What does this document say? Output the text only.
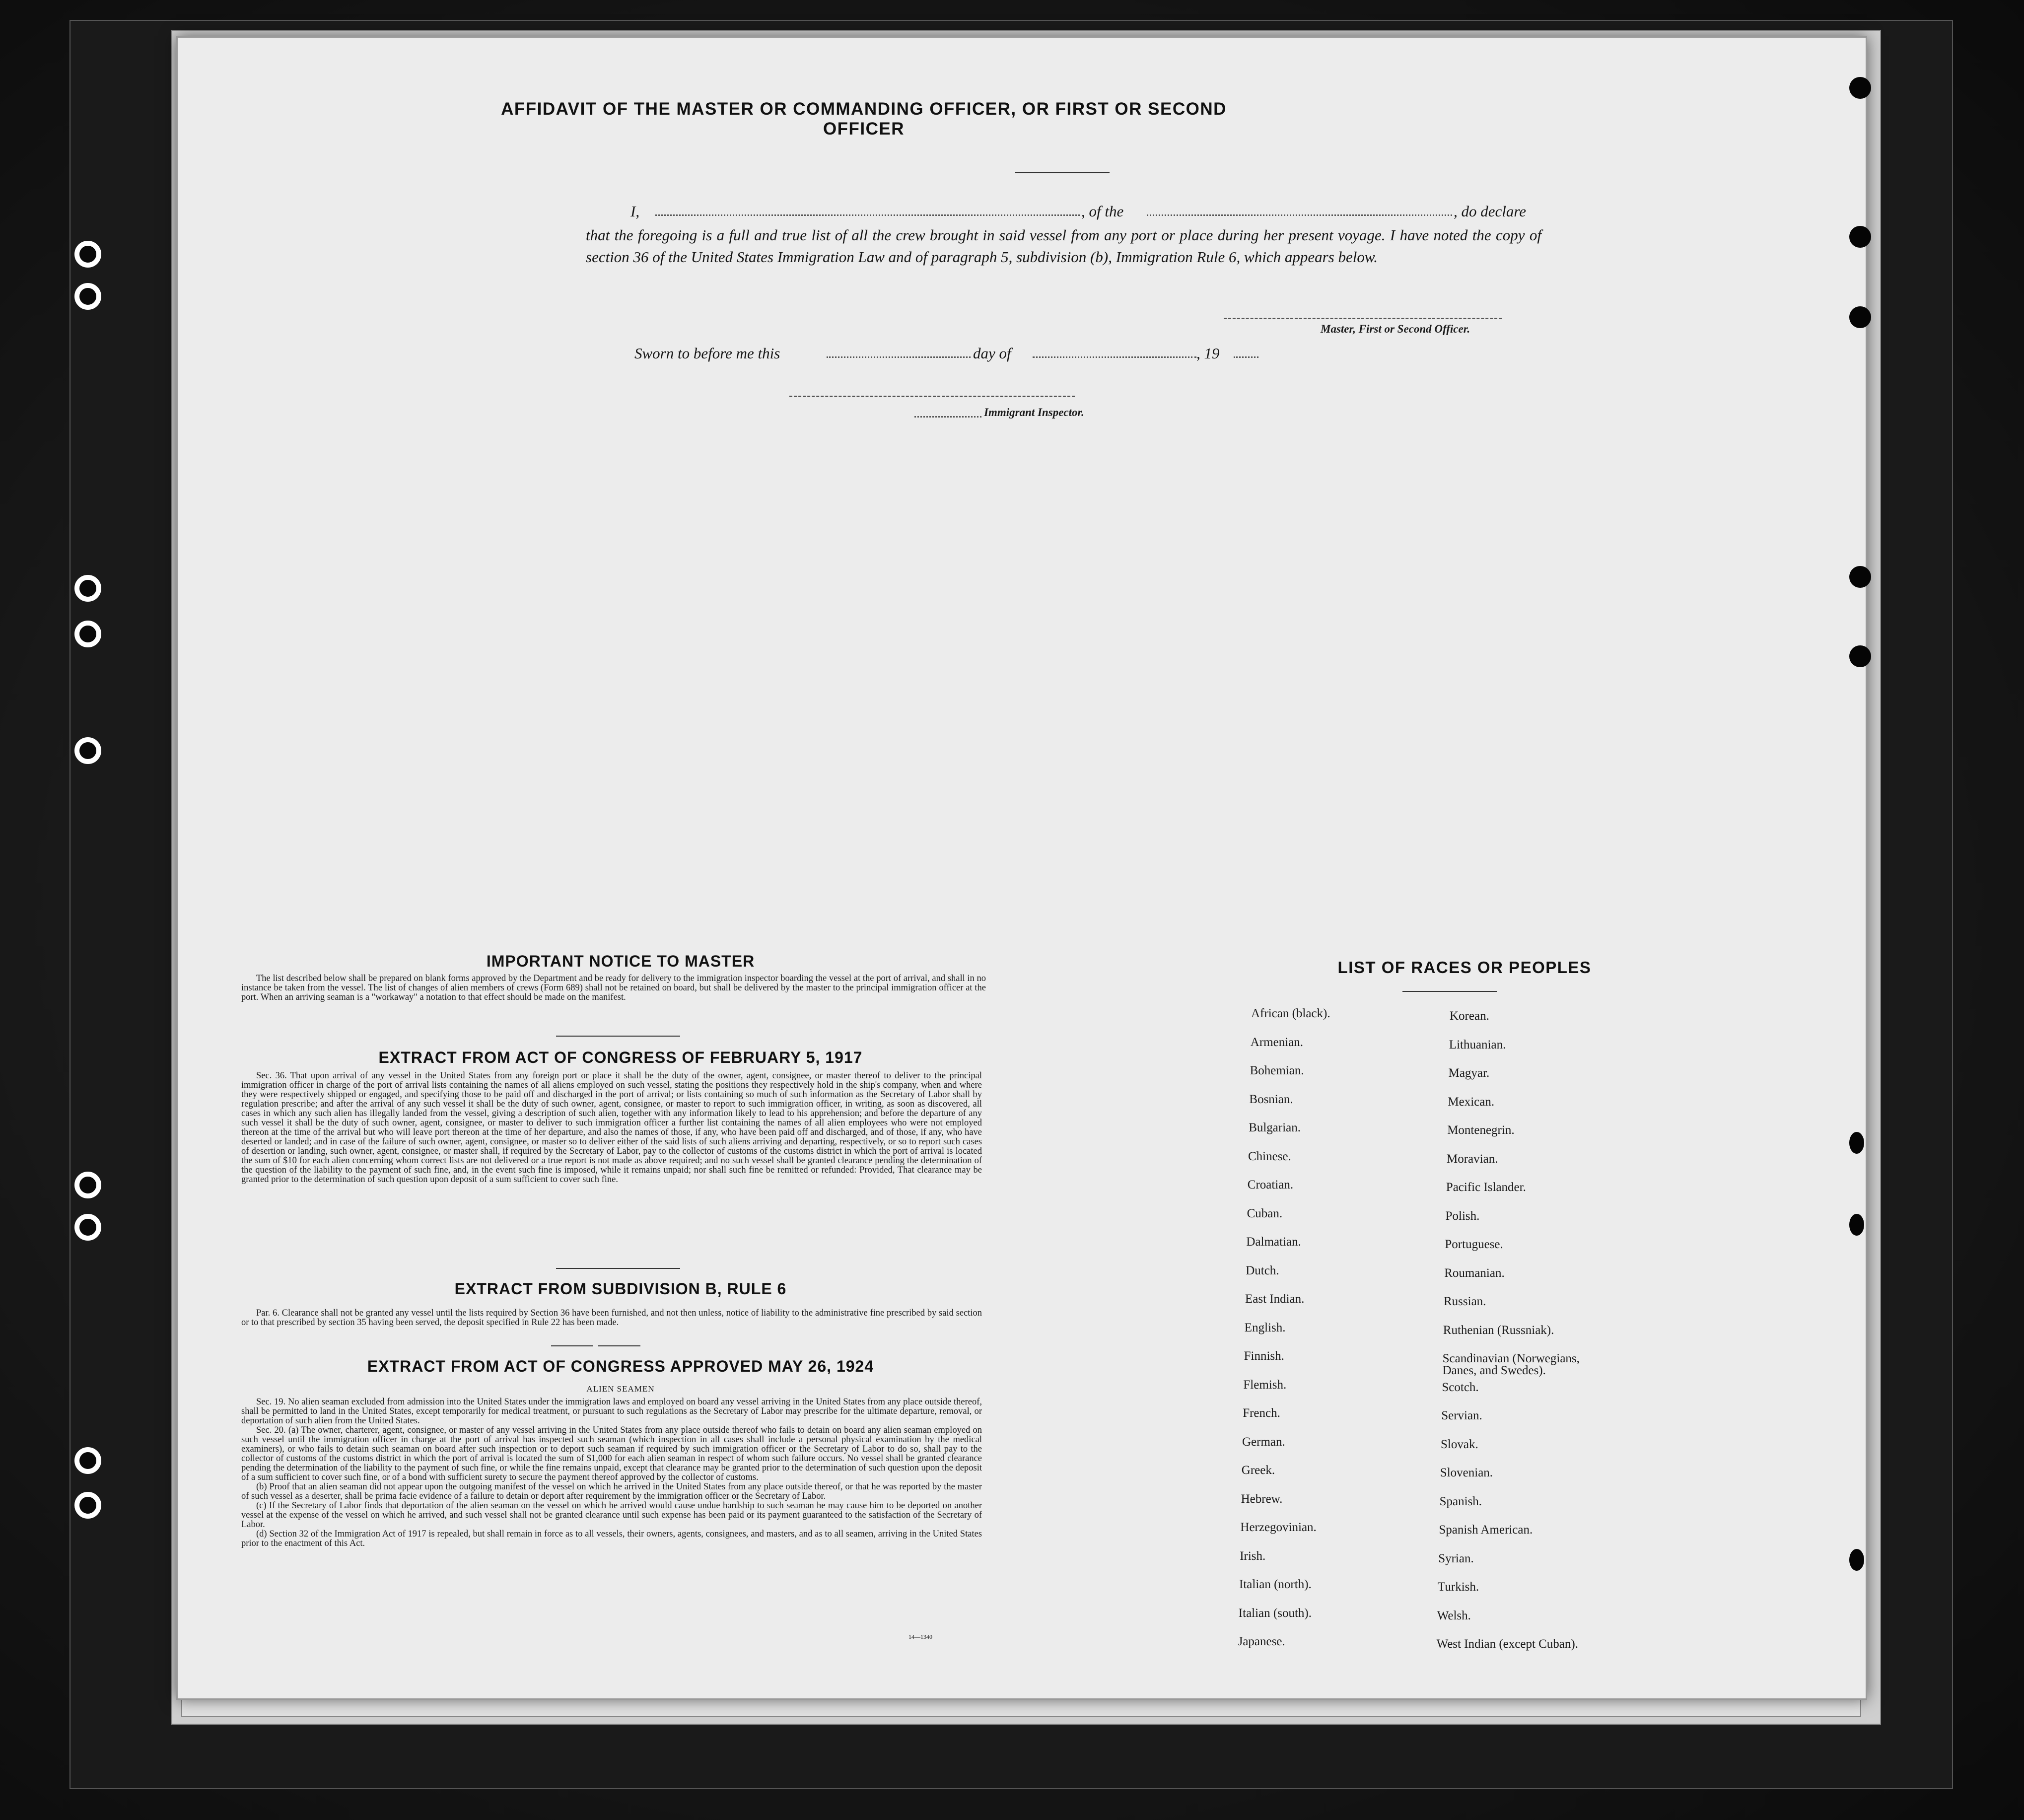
AFFIDAVIT OF THE MASTER OR COMMANDING OFFICER, OR FIRST OR SECOND OFFICER
I,	, of the	, do declare
that the foregoing is a full and true list of all the crew brought in said vessel from any port or place during her present voyage. I have noted the copy of section 36 of the United States Immigration Law and of paragraph 5, subdivision (b), Immigration Rule 6, which appears below.
Master, First or Second Officer.
Sworn to before me this	day of	, 19
Immigrant Inspector.
IMPORTANT NOTICE TO MASTER

The list described below shall be prepared on blank forms approved by the Department and be ready for delivery to the immigration inspector boarding the vessel at the port of arrival, and shall in no instance be taken from the vessel. The list of changes of alien members of crews (Form 689) shall not be retained on board, but shall be delivered by the master to the principal immigration officer at the port. When an arriving seaman is a "workaway" a notation to that effect should be made on the manifest.

EXTRACT FROM ACT OF CONGRESS OF FEBRUARY 5, 1917

Sec. 36. That upon arrival of any vessel in the United States from any foreign port or place it shall be the duty of the owner, agent, consignee, or master thereof to deliver to the principal immigration officer in charge of the port of arrival lists containing the names of all aliens employed on such vessel, stating the positions they respectively hold in the ship's company, when and where they were respectively shipped or engaged, and specifying those to be paid off and discharged in the port of arrival; or lists containing so much of such information as the Secretary of Labor shall by regulation prescribe; and after the arrival of any such vessel it shall be the duty of such owner, agent, consignee, or master to report to such immigration officer, in writing, as soon as discovered, all cases in which any such alien has illegally landed from the vessel, giving a description of such alien, together with any information likely to lead to his apprehension; and before the departure of any such vessel it shall be the duty of such owner, agent, consignee, or master to deliver to such immigration officer a further list containing the names of all alien employees who were not employed thereon at the time of the arrival but who will leave port thereon at the time of her departure, and also the names of those, if any, who have been paid off and discharged, and of those, if any, who have deserted or landed; and in case of the failure of such owner, agent, consignee, or master so to deliver either of the said lists of such aliens arriving and departing, respectively, or so to report such cases of desertion or landing, such owner, agent, consignee, or master shall, if required by the Secretary of Labor, pay to the collector of customs of the customs district in which the port of arrival is located the sum of $10 for each alien concerning whom correct lists are not delivered or a true report is not made as above required; and no such vessel shall be granted clearance pending the determination of the question of the liability to the payment of such fine, and, in the event such fine is imposed, while it remains unpaid; nor shall such fine be remitted or refunded: Provided, That clearance may be granted prior to the determination of such question upon deposit of a sum sufficient to cover such fine.

EXTRACT FROM SUBDIVISION B, RULE 6

Par. 6. Clearance shall not be granted any vessel until the lists required by Section 36 have been furnished, and not then unless, notice of liability to the administrative fine prescribed by said section or to that prescribed by section 35 having been served, the deposit specified in Rule 22 has been made.

EXTRACT FROM ACT OF CONGRESS APPROVED MAY 26, 1924
ALIEN SEAMEN

Sec. 19. No alien seaman excluded from admission into the United States under the immigration laws and employed on board any vessel arriving in the United States from any place outside thereof, shall be permitted to land in the United States, except temporarily for medical treatment, or pursuant to such regulations as the Secretary of Labor may prescribe for the ultimate departure, removal, or deportation of such alien from the United States.

Sec. 20. (a) The owner, charterer, agent, consignee, or master of any vessel arriving in the United States from any place outside thereof who fails to detain on board any alien seaman employed on such vessel until the immigration officer in charge at the port of arrival has inspected such seaman (which inspection in all cases shall include a personal physical examination by the medical examiners), or who fails to detain such seaman on board after such inspection or to deport such seaman if required by such immigration officer or the Secretary of Labor to do so, shall pay to the collector of customs of the customs district in which the port of arrival is located the sum of $1,000 for each alien seaman in respect of whom such failure occurs. No vessel shall be granted clearance pending the determination of the liability to the payment of such fine, or while the fine remains unpaid, except that clearance may be granted prior to the determination of such question upon the deposit of a sum sufficient to cover such fine, or of a bond with sufficient surety to secure the payment thereof approved by the collector of customs.

(b) Proof that an alien seaman did not appear upon the outgoing manifest of the vessel on which he arrived in the United States from any place outside thereof, or that he was reported by the master of such vessel as a deserter, shall be prima facie evidence of a failure to detain or deport after requirement by the immigration officer or the Secretary of Labor.

(c) If the Secretary of Labor finds that deportation of the alien seaman on the vessel on which he arrived would cause undue hardship to such seaman he may cause him to be deported on another vessel at the expense of the vessel on which he arrived, and such vessel shall not be granted clearance until such expense has been paid or its payment guaranteed to the satisfaction of the Secretary of Labor.

(d) Section 32 of the Immigration Act of 1917 is repealed, but shall remain in force as to all vessels, their owners, agents, consignees, and masters, and as to all seamen, arriving in the United States prior to the enactment of this Act.

14—1340
LIST OF RACES OR PEOPLES
African (black).
Armenian.
Bohemian.
Bosnian.
Bulgarian.
Chinese.
Croatian.
Cuban.
Dalmatian.
Dutch.
East Indian.
English.
Finnish.
Flemish.
French.
German.
Greek.
Hebrew.
Herzegovinian.
Irish.
Italian (north).
Italian (south).
Japanese.
Korean.
Lithuanian.
Magyar.
Mexican.
Montenegrin.
Moravian.
Pacific Islander.
Polish.
Portuguese.
Roumanian.
Russian.
Ruthenian (Russniak).
Scandinavian (Norwegians,
Danes, and Swedes).
Scotch.
Servian.
Slovak.
Slovenian.
Spanish.
Spanish American.
Syrian.
Turkish.
Welsh.
West Indian (except Cuban).
